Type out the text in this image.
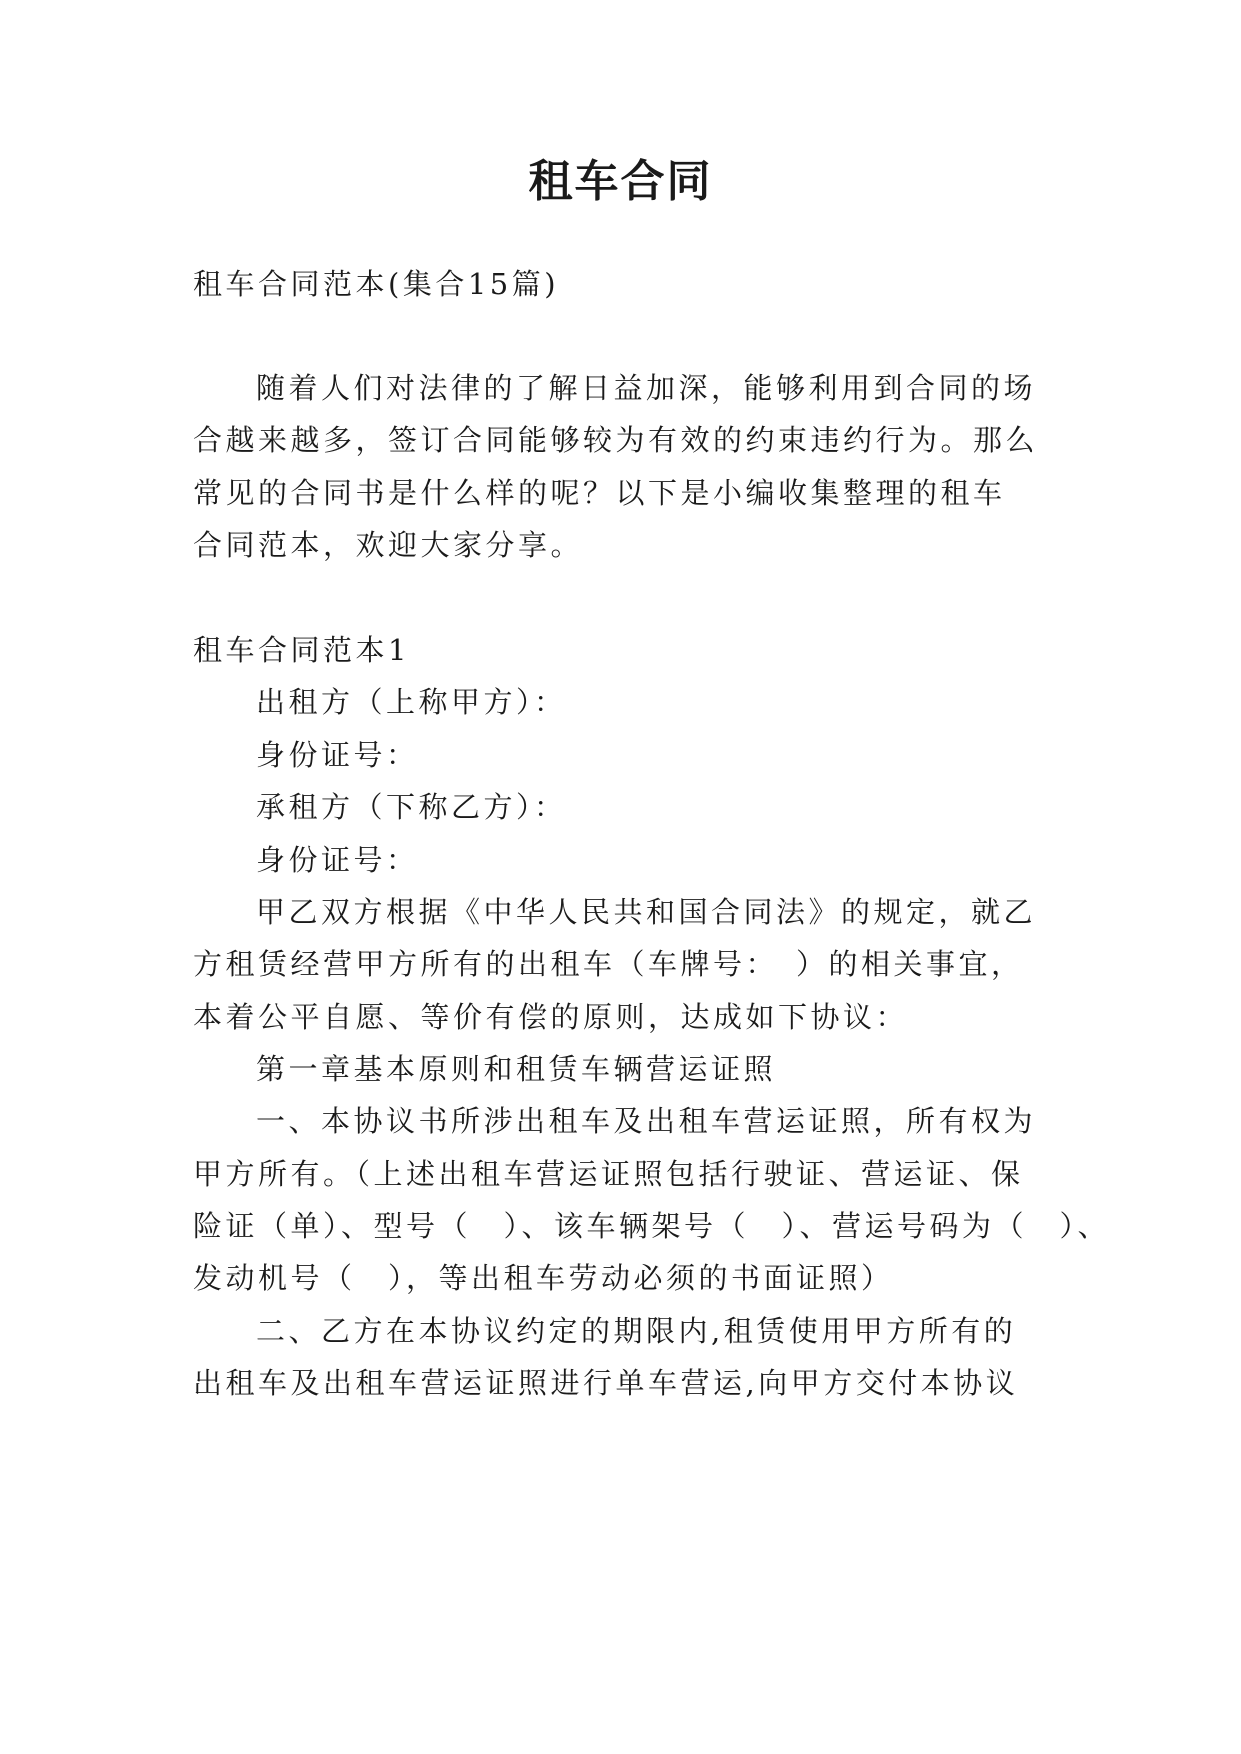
租车合同
租车合同范本(集合15篇)
随着人们对法律的了解日益加深，能够利用到合同的场
合越来越多，签订合同能够较为有效的约束违约行为。那么
常见的合同书是什么样的呢？以下是小编收集整理的租车
合同范本，欢迎大家分享。
租车合同范本1
出租方（上称甲方）：
身份证号：
承租方（下称乙方）：
身份证号：
甲乙双方根据《中华人民共和国合同法》的规定，就乙
方租赁经营甲方所有的出租车（车牌号：　）的相关事宜，
本着公平自愿、等价有偿的原则，达成如下协议：
第一章基本原则和租赁车辆营运证照
一、本协议书所涉出租车及出租车营运证照，所有权为
甲方所有。（上述出租车营运证照包括行驶证、营运证、保
险证（单）、型号（　）、该车辆架号（　）、营运号码为（　）、
发动机号（　），等出租车劳动必须的书面证照）
二、乙方在本协议约定的期限内,租赁使用甲方所有的
出租车及出租车营运证照进行单车营运,向甲方交付本协议
